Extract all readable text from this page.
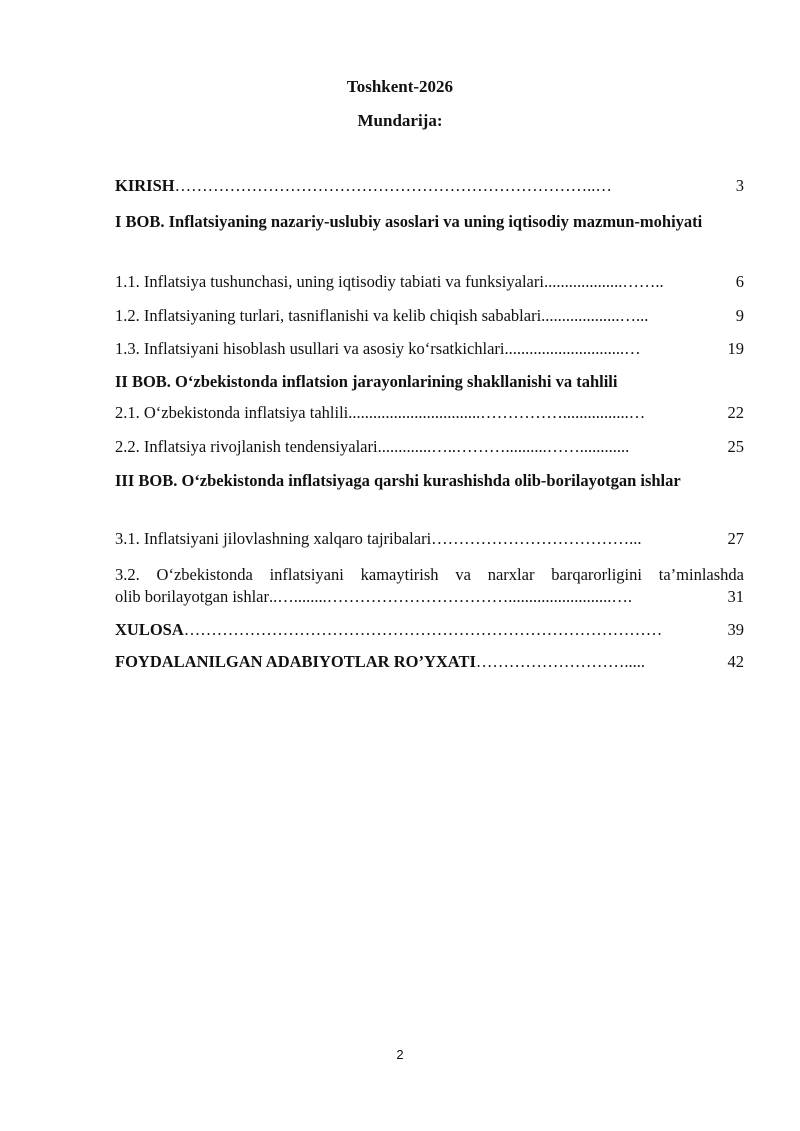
Toshkent-2026
Mundarija:
KIRISH …………………………………………………………………..…	3
I BOB. Inflatsiyaning nazariy-uslubiy asoslari va uning iqtisodiy mazmun-mohiyati
1.1. Inflatsiya tushunchasi, uning iqtisodiy tabiati va funksiyalari ...................……..	6
1.2. Inflatsiyaning turlari, tasniflanishi va kelib chiqish sabablari ...................…...	9
1.3. Inflatsiyani hisoblash usullari va asosiy ko‘rsatkichlari .............................…	19
II BOB. O‘zbekistonda inflatsion jarayonlarining shakllanishi va tahlili
2.1. O‘zbekistonda inflatsiya tahlili ................................……………................…	22
2.2. Inflatsiya rivojlanish tendensiyalari .............…..………..........……............	25
III BOB. O‘zbekistonda inflatsiyaga qarshi kurashishda olib-borilayotgan ishlar
3.1. Inflatsiyani jilovlashning xalqaro tajribalari ………………………………...	27
3.2. O‘zbekistonda inflatsiyani kamaytirish va narxlar barqarorligini ta’minlashda
olib borilayotgan ishlar ..…........…………………………….........................….	31
XULOSA ……………………………………………………………………………	39
FOYDALANILGAN ADABIYOTLAR RO’YXATI ……………………….....	42
2
